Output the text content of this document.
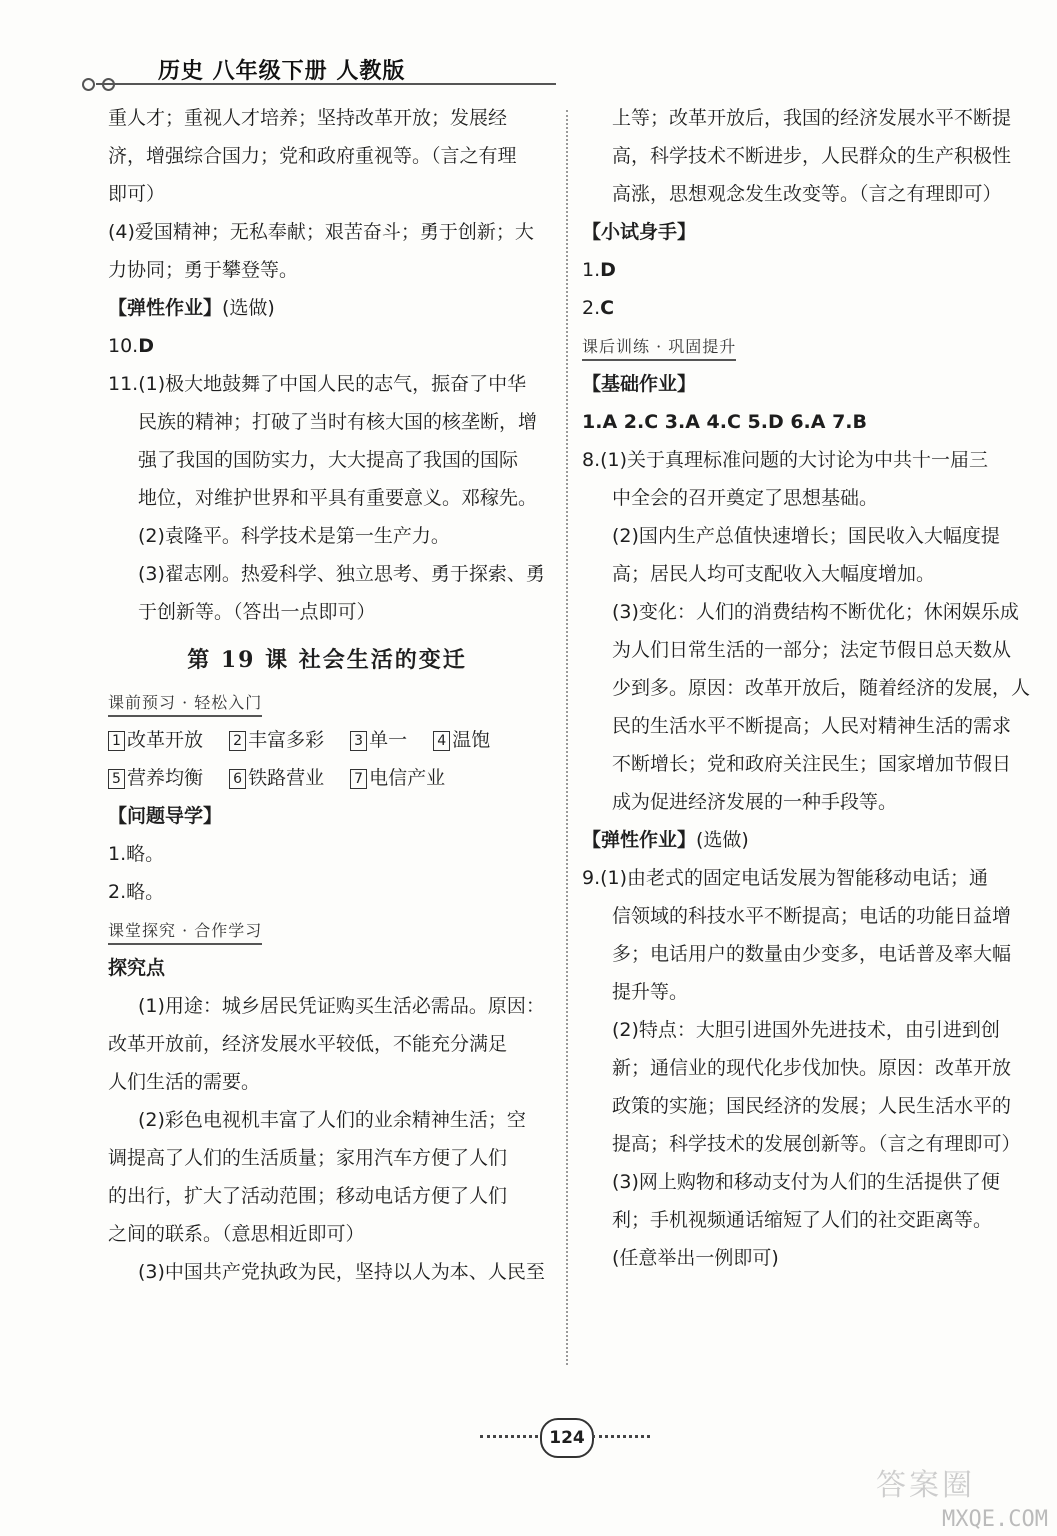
历史 八年级下册 人教版
重人才；重视人才培养；坚持改革开放；发展经
济，增强综合国力；党和政府重视等。（言之有理
即可）
(4)爱国精神；无私奉献；艰苦奋斗；勇于创新；大
力协同；勇于攀登等。
【弹性作业】(选做)
10.D
11.(1)极大地鼓舞了中国人民的志气，振奋了中华
民族的精神；打破了当时有核大国的核垄断，增
强了我国的国防实力，大大提高了我国的国际
地位，对维护世界和平具有重要意义。邓稼先。
(2)袁隆平。科学技术是第一生产力。
(3)翟志刚。热爱科学、独立思考、勇于探索、勇
于创新等。（答出一点即可）
第 19 课 社会生活的变迁
课前预习 · 轻松入门
1 改革开放 2 丰富多彩 3 单一 4 温饱
5 营养均衡 6 铁路营业 7 电信产业
【问题导学】
1.略。
2.略。
课堂探究 · 合作学习
探究点
(1)用途：城乡居民凭证购买生活必需品。原因：
改革开放前，经济发展水平较低，不能充分满足
人们生活的需要。
(2)彩色电视机丰富了人们的业余精神生活；空
调提高了人们的生活质量；家用汽车方便了人们
的出行，扩大了活动范围；移动电话方便了人们
之间的联系。（意思相近即可）
(3)中国共产党执政为民，坚持以人为本、人民至
上等；改革开放后，我国的经济发展水平不断提
高，科学技术不断进步，人民群众的生产积极性
高涨，思想观念发生改变等。（言之有理即可）
【小试身手】
1.D
2.C
课后训练 · 巩固提升
【基础作业】
1.A 2.C 3.A 4.C 5.D 6.A 7.B
8.(1)关于真理标准问题的大讨论为中共十一届三
中全会的召开奠定了思想基础。
(2)国内生产总值快速增长；国民收入大幅度提
高；居民人均可支配收入大幅度增加。
(3)变化：人们的消费结构不断优化；休闲娱乐成
为人们日常生活的一部分；法定节假日总天数从
少到多。原因：改革开放后，随着经济的发展，人
民的生活水平不断提高；人民对精神生活的需求
不断增长；党和政府关注民生；国家增加节假日
成为促进经济发展的一种手段等。
【弹性作业】(选做)
9.(1)由老式的固定电话发展为智能移动电话；通
信领域的科技水平不断提高；电话的功能日益增
多；电话用户的数量由少变多，电话普及率大幅
提升等。
(2)特点：大胆引进国外先进技术，由引进到创
新；通信业的现代化步伐加快。原因：改革开放
政策的实施；国民经济的发展；人民生活水平的
提高；科学技术的发展创新等。（言之有理即可）
(3)网上购物和移动支付为人们的生活提供了便
利；手机视频通话缩短了人们的社交距离等。
(任意举出一例即可)
124
答案圈
MXQE.COM
